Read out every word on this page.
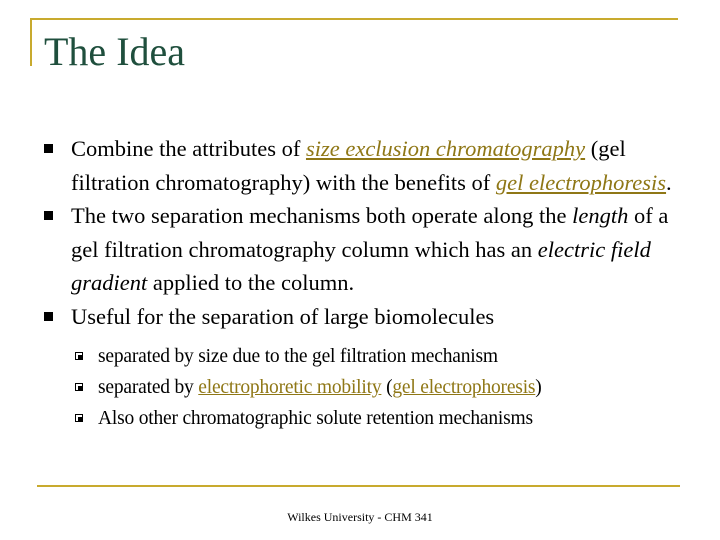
The Idea
Combine the attributes of size exclusion chromatography (gel filtration chromatography) with the benefits of gel electrophoresis.
The two separation mechanisms both operate along the length of a gel filtration chromatography column which has an electric field gradient applied to the column.
Useful for the separation of large biomolecules
separated by size due to the gel filtration mechanism
separated by electrophoretic mobility (gel electrophoresis)
Also other chromatographic solute retention mechanisms
Wilkes University - CHM 341
